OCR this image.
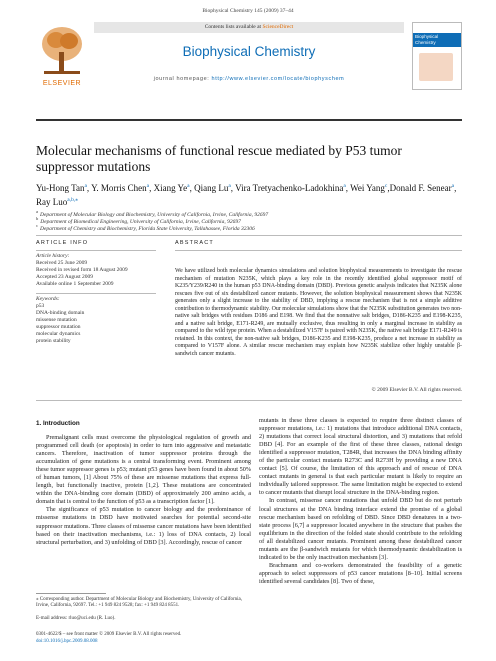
Biophysical Chemistry 145 (2009) 37–44
ELSEVIER
Contents lists available at ScienceDirect
Biophysical Chemistry
journal homepage: http://www.elsevier.com/locate/biophyschem
Biophysical Chemistry
Molecular mechanisms of functional rescue mediated by P53 tumor suppressor mutations
Yu-Hong Tan$^a$, Y. Morris Chen$^a$, Xiang Ye$^a$, Qiang Lu$^a$, Vira Tretyachenko-Ladokhina$^a$, Wei Yang$^c$,Donald F. Senear$^a$, Ray Luo$^{a,b,⁎}$
$^a$Department of Molecular Biology and Biochemistry, University of California, Irvine, California, 92697
$^b$Department of Biomedical Engineering, University of California, Irvine, California, 92697
$^c$Department of Chemistry and Biochemistry, Florida State University, Tallahassee, Florida 32306
ARTICLE INFO
Article history:
Received 25 June 2009
Received in revised form 18 August 2009
Accepted 23 August 2009
Available online 1 September 2009
Keywords:
p53
DNA-binding domain
missense mutation
suppressor mutation
molecular dynamics
protein stability
ABSTRACT
We have utilized both molecular dynamics simulations and solution biophysical measurements to investigate the rescue mechanism of mutation N235K, which plays a key role in the recently identified global suppressor motif of K235/Y239/R240 in the human p53 DNA-binding domain (DBD). Previous genetic analysis indicates that N235K alone rescues five out of six destabilized cancer mutants. However, the solution biophysical measurement shows that N235K generates only a slight increase to the stability of DBD, implying a rescue mechanism that is not a simple additive contribution to thermodynamic stability. Our molecular simulations show that the N235K substitution generates two non-native salt bridges with residues D186 and E198. We find that the nonnative salt bridges, D186-K235 and E198-K235, and a native salt bridge, E171-R249, are mutually exclusive, thus resulting in only a marginal increase in stability as compared to the wild type protein. When a destabilized V157F is paired with N235K, the native salt bridge E171-R249 is retained. In this context, the non-native salt bridges, D186-K235 and E198-K235, produce a net increase in stability as compared to V157F alone. A similar rescue mechanism may explain how N235K stabilize other highly unstable β-sandwich cancer mutants.
© 2009 Elsevier B.V. All rights reserved.
1. Introduction

Premalignant cells must overcome the physiological regulation of growth and programmed cell death (or apoptosis) in order to turn into aggressive and metastatic cancers. Therefore, inactivation of tumor suppressor proteins through the accumulation of gene mutations is a central transforming event. Prominent among these tumor suppressor genes is p53; mutant p53 genes have been found in about 50% of human tumors, [1] About 75% of these are missense mutations that express full-length, but functionally inactive, protein [1,2]. These mutations are concentrated within the DNA-binding core domain (DBD) of approximately 200 amino acids, a domain that is central to the function of p53 as a transcription factor [1].

The significance of p53 mutation to cancer biology and the predominance of missense mutations in DBD have motivated searches for potential second-site suppressor mutations. Three classes of missense cancer mutations have been identified based on their inactivation mechanisms, i.e.: 1) loss of DNA contacts, 2) local structural perturbation, and 3) unfolding of DBD [3]. Accordingly, rescue of cancer

⁎ Corresponding author. Department of Molecular Biology and Biochemistry, University of California, Irvine, California, 92697. Tel.: +1 949 824 9528; fax: +1 949 824 8551.
E-mail address: rluo@uci.edu (R. Luo).
0301-4622/$ – see front matter © 2009 Elsevier B.V. All rights reserved.
doi:10.1016/j.bpc.2009.08.008

mutants in these three classes is expected to require three distinct classes of suppressor mutations, i.e.: 1) mutations that introduce additional DNA contacts, 2) mutations that correct local structural distortion, and 3) mutations that refold DBD [4]. For an example of the first of these three classes, rational design identified a suppressor mutation, T284R, that increases the DNA binding affinity of the particular contact mutants R273C and R273H by providing a new DNA contact [5]. Of course, the limitation of this approach and of rescue of DNA contact mutants in general is that each particular mutant is likely to require an individually tailored suppressor. The same limitation might be expected to extend to cancer mutants that disrupt local structure in the DNA-binding region.

In contrast, missense cancer mutations that unfold DBD but do not perturb local structures at the DNA binding interface extend the promise of a global rescue mechanism based on refolding of DBD. Since DBD denatures in a two-state process [6,7] a suppressor located anywhere in the structure that pushes the equilibrium in the direction of the folded state should contribute to the refolding of all destabilized cancer mutants. Prominent among these destabilized cancer mutants are the β-sandwich mutants for which thermodynamic destabilization is indicated to be the only inactivation mechanism [3].

Brachmann and co-workers demonstrated the feasibility of a genetic approach to select suppressors of p53 cancer mutations [8–10]. Initial screens identified several candidates [8]. Two of these,
